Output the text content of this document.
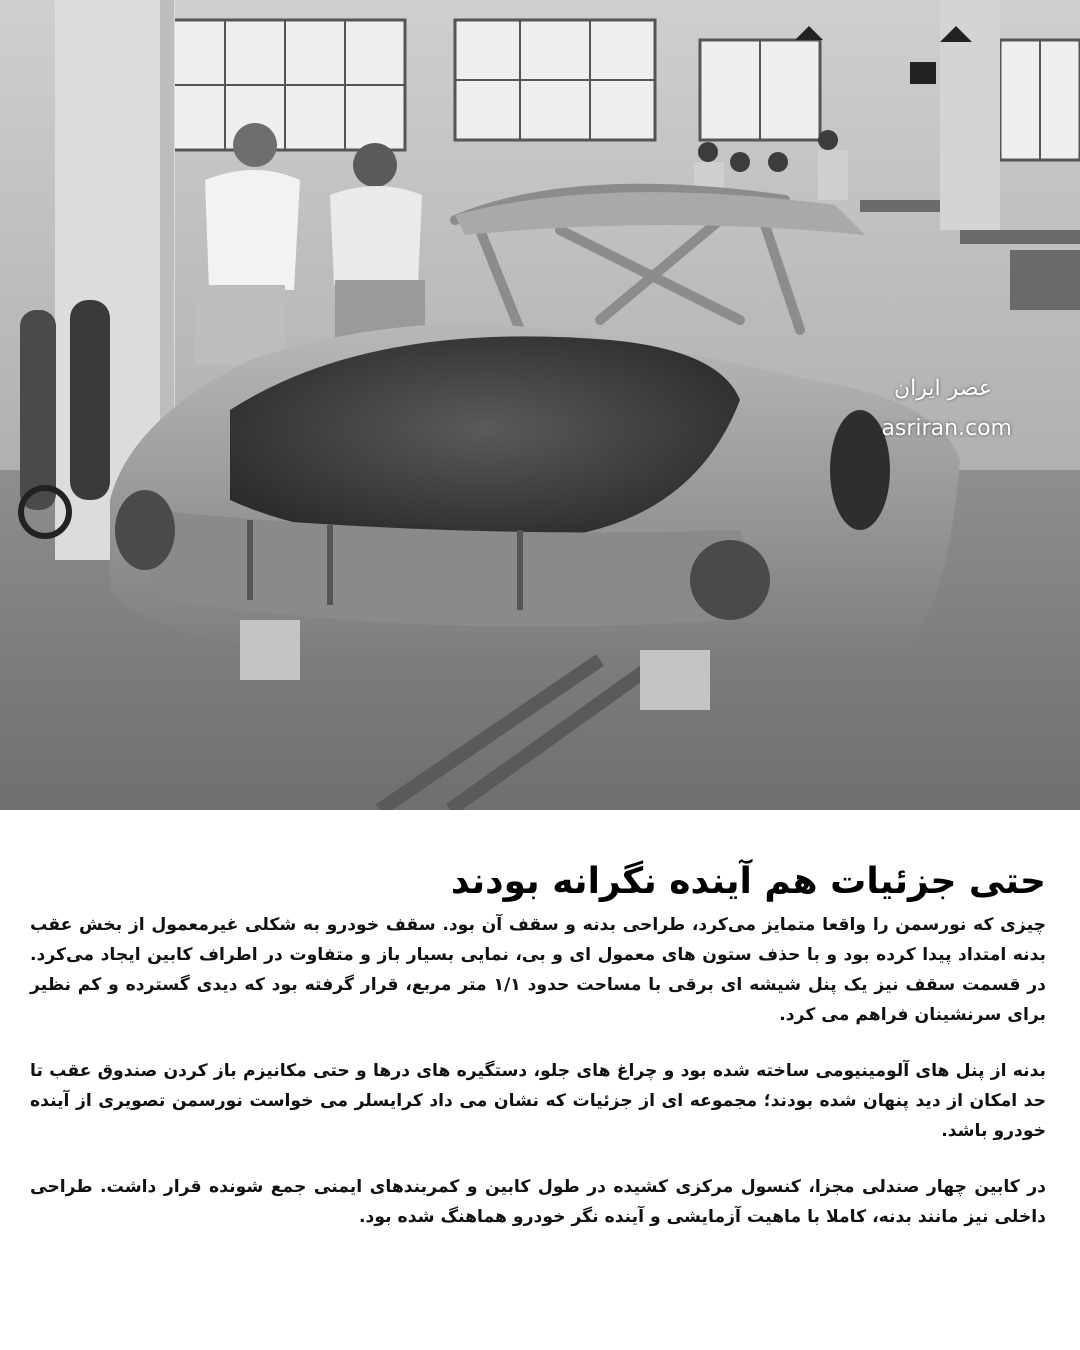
عصر ایران
asriran.com
حتی جزئیات هم آینده نگرانه بودند

چیزی که نورسمن را واقعا متمایز می‌کرد، طراحی بدنه و سقف آن بود. سقف خودرو به شکلی غیرمعمول از بخش عقب بدنه امتداد پیدا کرده بود و با حذف ستون های معمول ای و بی، نمایی بسیار باز و متفاوت در اطراف کابین ایجاد می‌کرد. در قسمت سقف نیز یک پنل شیشه ای برقی با مساحت حدود ۱/۱ متر مربع، قرار گرفته بود که دیدی گسترده و کم نظیر برای سرنشینان فراهم می کرد.

بدنه از پنل های آلومینیومی ساخته شده بود و چراغ های جلو، دستگیره های درها و حتی مکانیزم باز کردن صندوق عقب تا حد امکان از دید پنهان شده بودند؛ مجموعه ای از جزئیات که نشان می داد کرایسلر می خواست نورسمن تصویری از آینده خودرو باشد.

در کابین چهار صندلی مجزا، کنسول مرکزی کشیده در طول کابین و کمربندهای ایمنی جمع شونده قرار داشت. طراحی داخلی نیز مانند بدنه، کاملا با ماهیت آزمایشی و آینده نگر خودرو هماهنگ شده بود.
